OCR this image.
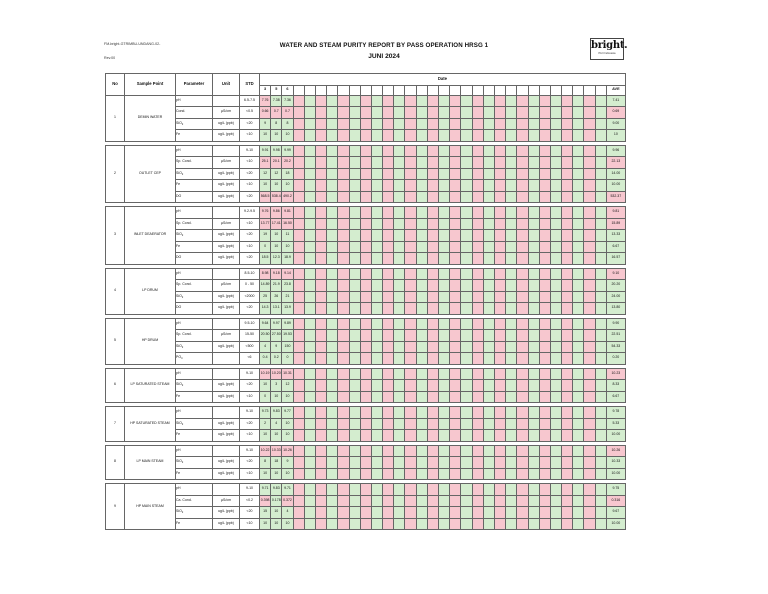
FM-bright-GTRIMBU-UNDANG-02-
Rev.00
WATER AND STEAM PURITY REPORT BY PASS OPERATION HRSG 1
JUNI 2024
bright.
PLN Indonesia
No	Sample Point	Parameter	Unit	STD	Date																															
					3	5	6																													AVE
1	DEMIN WATER	pH		6.5-7.5	7.76	7.38	7.36																													7.41
		Cond.	µS/cm	<0.5	0.66	0.7	0.7																													0.69
		SiO$_2$	ug/L (ppb)	<20	9	8	8																													9.00
		Fe	ug/L (ppb)	<10	10	10	10																													10

2	OUTLET CEP	pH		9-10	9.91	9.98	9.99																													9.96
		Sp. Cond.	µS/cm	<10	25.1	20.1	20.2																													22.13
		SiO$_2$	ug/L (ppb)	<20	12	12	18																													14.00
		Fe	ug/L (ppb)	<10	10	10	10																													10.00
		DO	ug/L (ppb)	<20	568.5	538.4	490.2																													532.37

3	INLET DEAERATOR	pH		9.2-9.5	9.76	9.86	9.81																													9.81
		Sp. Cond.	µS/cm	<10	13.77	17.41	16.50																													15.89
		SiO$_2$	ug/L (ppb)	<20	19	10	11																													13.33
		Fe	ug/L (ppb)	<10	0	10	10																													6.67
		DO	ug/L (ppb)	<20	18.5	12.3	18.9																													16.57

4	LP DRUM	pH		8.5-10	8.98	9.18	9.14																													9.10
		Sp. Cond.	µS/cm	0 - 50	14.89	21.9	23.8																													20.20
		SiO$_2$	ug/L (ppb)	<2000	25	26	21																													24.00
		DO	ug/L (ppb)	<20	14.3	13.1	13.9																													13.80

5	HP DRUM	pH		9.5-10	9.64	9.97	9.89																													9.90
		Sp. Cond.	µS/cm	15-50	20.50	27.50	19.53																													22.51
		SiO$_2$	ug/L (ppb)	<500	4	9	150																													54.33
		$PO_4$		<6	0.4	0.2	0																													0.20

6	LP SATURATED STEAM	pH		9-10	10.19	10.20	10.31																													10.23
		SiO$_2$	ug/L (ppb)	<20	10	3	12																													8.33
		Fe	ug/L (ppb)	<10	0	10	10																													6.67

7	HP SATURATED STEAM	pH		9-10	9.73	9.83	9.77																													9.78
		SiO$_2$	ug/L (ppb)	<20	2	4	10																													5.33
		Fe	ug/L (ppb)	<10	10	10	10																													10.00

8	LP MAIN STEAM	pH		9-10	10.22	10.33	10.26																													10.26
		SiO$_2$	ug/L (ppb)	<20	8	18	9																													10.33
		Fe	ug/L (ppb)	<10	10	10	10																													10.00

9	HP MAIN STEAM	pH		9-10	9.71	9.83	9.71																													9.75
		Ca. Cond.	µS/cm	<0.2	0.398	0.178	0.372																													0.316
		SiO$_2$	ug/L (ppb)	<20	15	10	4																													9.67
		Fe	ug/L (ppb)	<10	10	10	10																													10.00
